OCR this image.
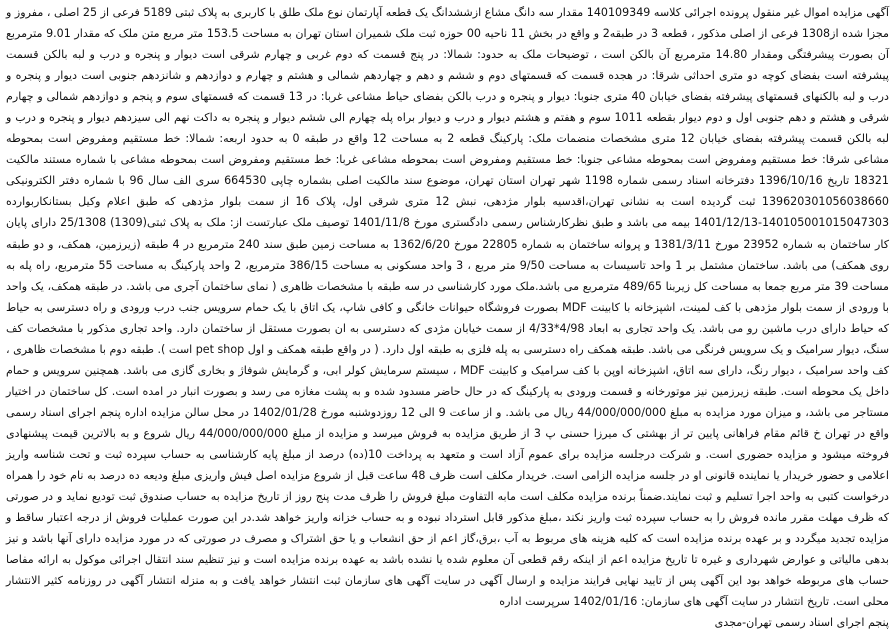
آگهی مزایده اموال غیر منقول پرونده اجرائی کلاسه 140109349 مقدار سه دانگ مشاع ازششدانگ یک قطعه آپارتمان نوع ملک طلق با کاربری به پلاک ثبتی 5189 فرعی از 25 اصلی ، مفروز و مجزا شده از1308 فرعی از اصلی مذکور ، قطعه 3 در طبقه2 و واقع در بخش 11 ناحیه 00 حوزه ثبت ملک شمیران استان تهران به مساحت 153.5 متر مربع متن ملک که مقدار 9.01 مترمربع آن بصورت پیشرفتگی ومقدار 14.80 مترمربع آن بالکن است ، توضیحات ملک به حدود: شمالا: در پنج قسمت که دوم غربی و چهارم شرقی است دیوار و پنجره و درب و لبه بالکن قسمت پیشرفته است بفضای کوچه دو متری احداثی شرقا: در هجده قسمت که قسمتهای دوم و ششم و دهم و چهاردهم شمالی و هشتم و چهارم و دوازدهم و شانزدهم جنوبی است دیوار و پنجره و درب و لبه بالکنهای قسمتهای پیشرفته بفضای خیابان 40 متری جنوبا: دیوار و پنجره و درب بالکن بفضای حیاط مشاعی غربا: در 13 قسمت که قسمتهای سوم و پنجم و دوازدهم شمالی و چهارم شرقی و هشتم و دهم جنوبی اول و دوم دیوار بقطعه 1011 سوم و هفتم و هشتم دیوار و درب و دیوار براه پله چهارم الی ششم دیوار و پنجره به داکت نهم الی سیزدهم دیوار و پنجره و درب و لبه بالکن قسمت پیشرفته بفضای خیابان 12 متری مشخصات منضمات ملک: پارکینگ قطعه 2 به مساحت 12 واقع در طبقه 0 به حدود اربعه: شمالا: خط مستقیم ومفروض است بمحوطه مشاعی شرقا: خط مستقیم ومفروض است بمحوطه مشاعی جنوبا: خط مستقیم ومفروض است بمحوطه مشاعی غربا: خط مستقیم ومفروض است بمحوطه مشاعی با شماره مستند مالکیت 18321 تاریخ 1396/10/16 دفترخانه اسناد رسمی شماره 1198 شهر تهران استان تهران، موضوع سند مالکیت اصلی بشماره چاپی 664530 سری الف سال 96 با شماره دفتر الکترونیکی 139620301056038660 ثبت گردیده است به نشانی تهران،اقدسیه بلوار مژدهی، نبش 12 متری شرقی اول، پلاک 16 از سمت بلوار مژدهی که طبق اعلام وکیل بستانکاربوارده 140105001015047303-1401/12/13 بیمه می باشد و طبق نظرکارشناس رسمی دادگستری مورخ 1401/11/8 توصیف ملک عبارتست از: ملک به پلاک ثبتی(1309) 25/1308 دارای پایان کار ساختمان به شماره 23952 مورخ 1381/3/11 و پروانه ساختمان به شماره 22805 مورخ 1362/6/20 به مساحت زمین طبق سند 240 مترمربع در 4 طبقه (زیرزمین، همکف، و دو طبقه روی همکف) می باشد. ساختمان مشتمل بر 1 واحد تاسیسات به مساحت 9/50 متر مربع ، 3 واحد مسکونی به مساحت 386/15 مترمربع، 2 واحد پارکینگ به مساحت 55 مترمربع، راه پله به مساحت 39 متر مربع جمعا به مساحت کل زیربنا 489/65 مترمربع می باشد.ملک مورد کارشناسی در سه طبقه با مشخصات ظاهری ( نمای ساختمان آجری می باشد. در طبقه همکف، یک واحد با ورودی از سمت بلوار مژدهی با کف لمینت، اشپزخانه با کابینت MDF بصورت فروشگاه حیوانات خانگی و کافی شاپ، یک اتاق با یک حمام سرویس جنب درب ورودی و راه دسترسی به حیاط که حیاط دارای درب ماشین رو می باشد. یک واحد تجاری به ابعاد 4/98*4/33 از سمت خیابان مژدی که دسترسی به ان بصورت مستقل از ساختمان دارد. واحد تجاری مذکور با مشخصات کف سنگ، دیوار سرامیک و یک سرویس فرنگی می باشد. طبقه همکف راه دسترسی به پله فلزی به طبقه اول دارد. ( در واقع طبقه همکف و اول pet shop است ). طبقه دوم با مشخصات ظاهری ، کف واحد سرامیک ، دیوار رنگ، دارای سه اتاق، اشپزخانه اوپن با کف سرامیک و کابینت MDF ، سیستم سرمایش کولر ابی، و گرمایش شوفاژ و بخاری گازی می باشد. همچنین سرویس و حمام داخل یک محوطه است. طبقه زیرزمین نیز موتورخانه و قسمت ورودی به پارکینگ که در حال حاضر مسدود شده و به پشت مغازه می رسد و بصورت انبار در امده است. کل ساختمان در اختیار مستاجر می باشد، و میزان مورد مزایده به مبلغ 44/000/000/000 ریال می باشد. و از ساعت 9 الی 12 روزدوشنبه مورخ 1402/01/28 در محل سالن مزایده اداره پنجم اجرای اسناد رسمی واقع در تهران خ قائم مقام فراهانی پایین تر از بهشتی ک میرزا حسنی پ 3 از طریق مزایده به فروش میرسد و مزایده از مبلغ 44/000/000/000 ریال شروع و به بالاترین قیمت پیشنهادی فروخته میشود و مزایده حضوری است. و شرکت درجلسه مزایده برای عموم آزاد است و متعهد به پرداخت 10(ده) درصد از مبلغ پایه کارشناسی به حساب سپرده ثبت و تحت شناسه واریز اعلامی و حضور خریدار یا نماینده قانونی او در جلسه مزایده الزامی است. خریدار مکلف است ظرف 48 ساعت قبل از شروع مزایده اصل فیش واریزی مبلغ ودیعه ده درصد به نام خود را همراه درخواست کتبی به واحد اجرا تسلیم و ثبت نمایند.ضمناً برنده مزایده مکلف است مابه التفاوت مبلغ فروش را ظرف مدت پنج روز از تاریخ مزایده به حساب صندوق ثبت تودیع نماید و در صورتی که ظرف مهلت مقرر مانده فروش را به حساب سپرده ثبت واریز نکند ،مبلغ مذکور قابل استرداد نبوده و به حساب خزانه واریز خواهد شد.در این صورت عملیات فروش از درجه اعتبار ساقط و مزایده تجدید میگردد و بر عهده برنده مزایده است که کلیه هزینه های مربوط به آب ،برق،گاز اعم از حق انشعاب و یا حق اشتراک و مصرف در صورتی که در مورد مزایده دارای آنها باشد و نیز بدهی مالیاتی و عوارض شهرداری و غیره تا تاریخ مزایده اعم از اینکه رقم قطعی آن معلوم شده یا نشده باشد به عهده برنده مزایده است و نیز تنظیم سند انتقال اجرائی موکول به ارائه مفاصا حساب های مربوطه خواهد بود این آگهی پس از تایید نهایی فرایند مزایده و ارسال آگهی در سایت آگهی های سازمان ثبت انتشار خواهد یافت و به منزله انتشار آگهی در روزنامه کثیر الانتشار محلی است. تاریخ انتشار در سایت آگهی های سازمان: 1402/01/16 سرپرست اداره

پنجم اجرای اسناد رسمی تهران-مجدی
